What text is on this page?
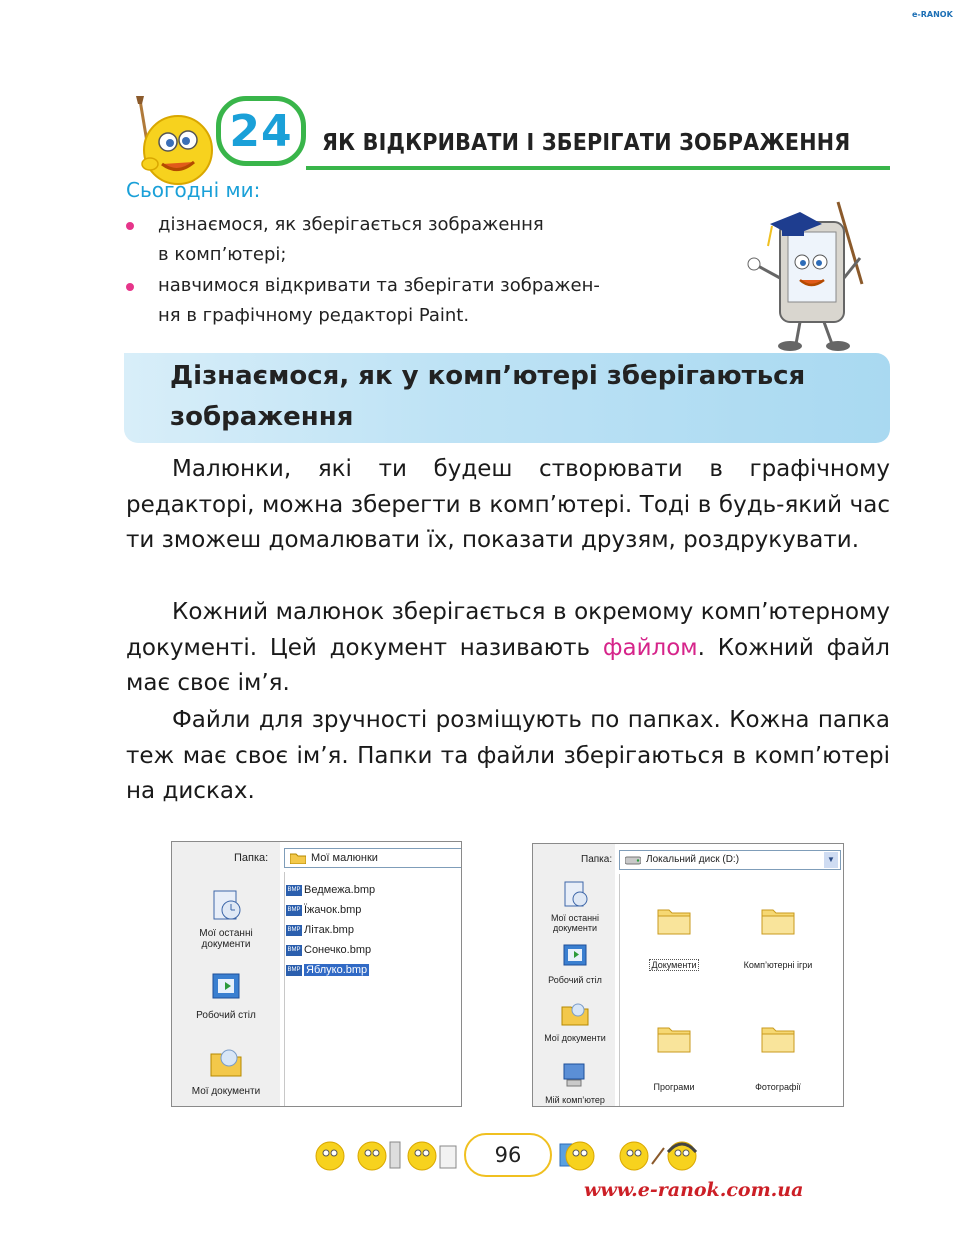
e-RANOK
24 ЯК ВІДКРИВАТИ І ЗБЕРІГАТИ ЗОБРАЖЕННЯ
Сьогодні ми:
дізнаємося, як зберігається зображення
в комп’ютері;
навчимося відкривати та зберігати зображен-
ня в графічному редакторі Paint.
Дізнаємося, як у комп’ютері зберігаються
зображення
Малюнки, які ти будеш створювати в графічному редакторі, можна зберегти в комп’ютері. Тоді в будь-який час ти зможеш домалювати їх, показати друзям, роздрукувати.
Кожний малюнок зберігається в окремому комп’ютерному документі. Цей документ називають файлом. Кожний файл має своє ім’я.
Файли для зручності розміщують по папках. Кожна папка теж має своє ім’я. Папки та файли зберігаються в комп’ютері на дисках.
Папка:	Мої малюнки
Мої останні документи
Робочий стіл
Мої документи
BMP Ведмежа.bmp
BMP Їжачок.bmp
BMP Літак.bmp
BMP Сонечко.bmp
BMP Яблуко.bmp
Папка:	Локальний диск (D:)	▼
Мої останні документи
Робочий стіл
Мої документи
Мій комп’ютер
Документи	Комп’ютерні ігри
Програми	Фотографії
96
www.e-ranok.com.ua
